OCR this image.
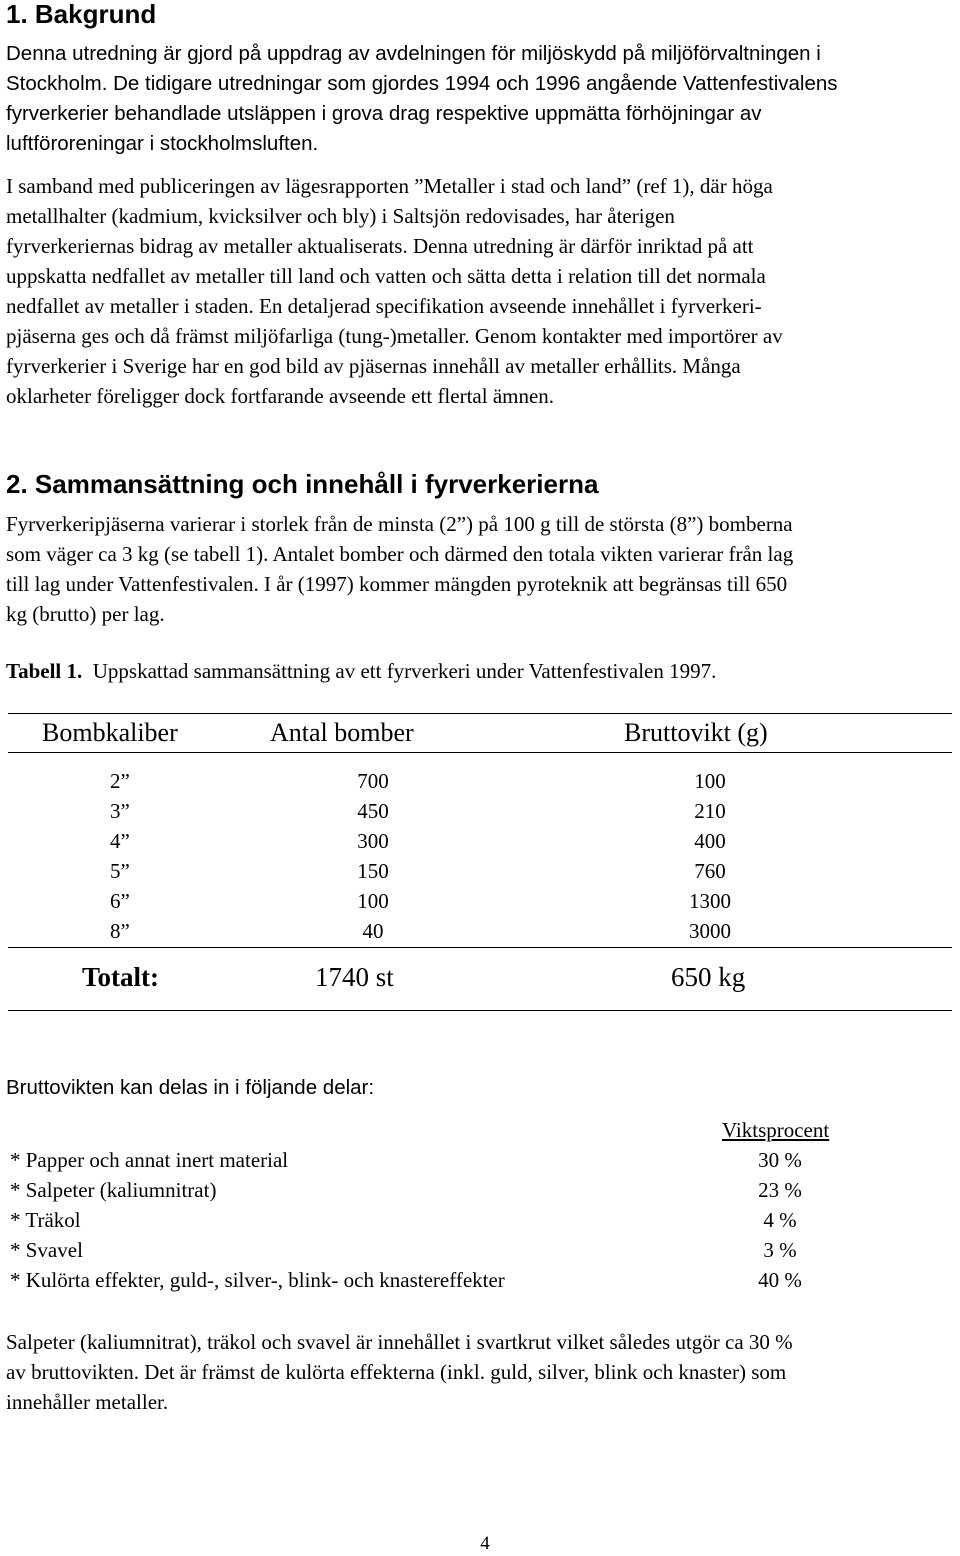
1. Bakgrund
Denna utredning är gjord på uppdrag av avdelningen för miljöskydd på miljöförvaltningen i
Stockholm. De tidigare utredningar som gjordes 1994 och 1996 angående Vattenfestivalens
fyrverkerier behandlade utsläppen i grova drag respektive uppmätta förhöjningar av
luftföroreningar i stockholmsluften.
I samband med publiceringen av lägesrapporten ”Metaller i stad och land” (ref 1), där höga
metallhalter (kadmium, kvicksilver och bly) i Saltsjön redovisades, har återigen
fyrverkeriernas bidrag av metaller aktualiserats. Denna utredning är därför inriktad på att
uppskatta nedfallet av metaller till land och vatten och sätta detta i relation till det normala
nedfallet av metaller i staden. En detaljerad specifikation avseende innehållet i fyrverkeri-
pjäserna ges och då främst miljöfarliga (tung-)metaller. Genom kontakter med importörer av
fyrverkerier i Sverige har en god bild av pjäsernas innehåll av metaller erhållits. Många
oklarheter föreligger dock fortfarande avseende ett flertal ämnen.
2. Sammansättning och innehåll i fyrverkerierna
Fyrverkeripjäserna varierar i storlek från de minsta (2”) på 100 g till de största (8”) bomberna
som väger ca 3 kg (se tabell 1). Antalet bomber och därmed den totala vikten varierar från lag
till lag under Vattenfestivalen. I år (1997) kommer mängden pyroteknik att begränsas till 650
kg (brutto) per lag.
Tabell 1. Uppskattad sammansättning av ett fyrverkeri under Vattenfestivalen 1997.
Bombkaliber	Antal bomber	Bruttovikt (g)
2”	700	100
3”	450	210
4”	300	400
5”	150	760
6”	100	1300
8”	40	3000
Totalt:	1740 st	650 kg
Bruttovikten kan delas in i följande delar:
Viktsprocent
* Papper och annat inert material	30 %
* Salpeter (kaliumnitrat)	23 %
* Träkol	4 %
* Svavel	3 %
* Kulörta effekter, guld-, silver-, blink- och knastereffekter	40 %
Salpeter (kaliumnitrat), träkol och svavel är innehållet i svartkrut vilket således utgör ca 30 %
av bruttovikten. Det är främst de kulörta effekterna (inkl. guld, silver, blink och knaster) som
innehåller metaller.
4
